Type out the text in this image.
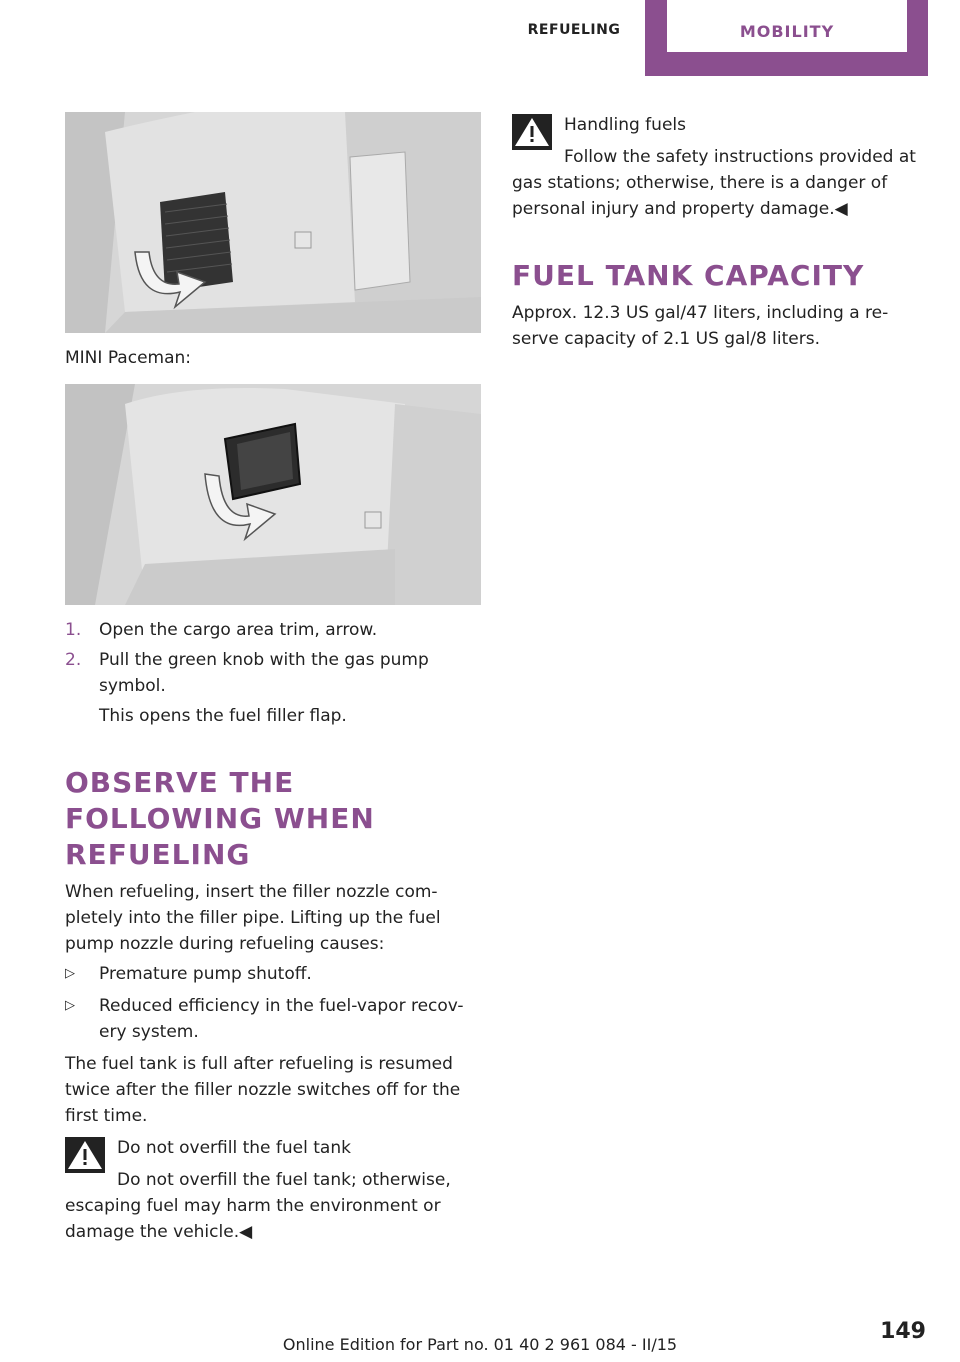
REFUELING	MOBILITY
MINI Paceman:
1. Open the cargo area trim, arrow.
2. Pull the green knob with the gas pump symbol.
This opens the fuel filler flap.
OBSERVE THE FOLLOWING WHEN REFUELING

When refueling, insert the filler nozzle com-pletely into the filler pipe. Lifting up the fuel pump nozzle during refueling causes:

▷ Premature pump shutoff.
▷ Reduced efficiency in the fuel-vapor recov-ery system.

The fuel tank is full after refueling is resumed twice after the filler nozzle switches off for the first time.

Do not overfill the fuel tank

Do not overfill the fuel tank; otherwise, escaping fuel may harm the environment or damage the vehicle.◀

Handling fuels

Follow the safety instructions provided at gas stations; otherwise, there is a danger of personal injury and property damage.◀

FUEL TANK CAPACITY

Approx. 12.3 US gal/47 liters, including a re-serve capacity of 2.1 US gal/8 liters.

Online Edition for Part no. 01 40 2 961 084 - II/15
149
